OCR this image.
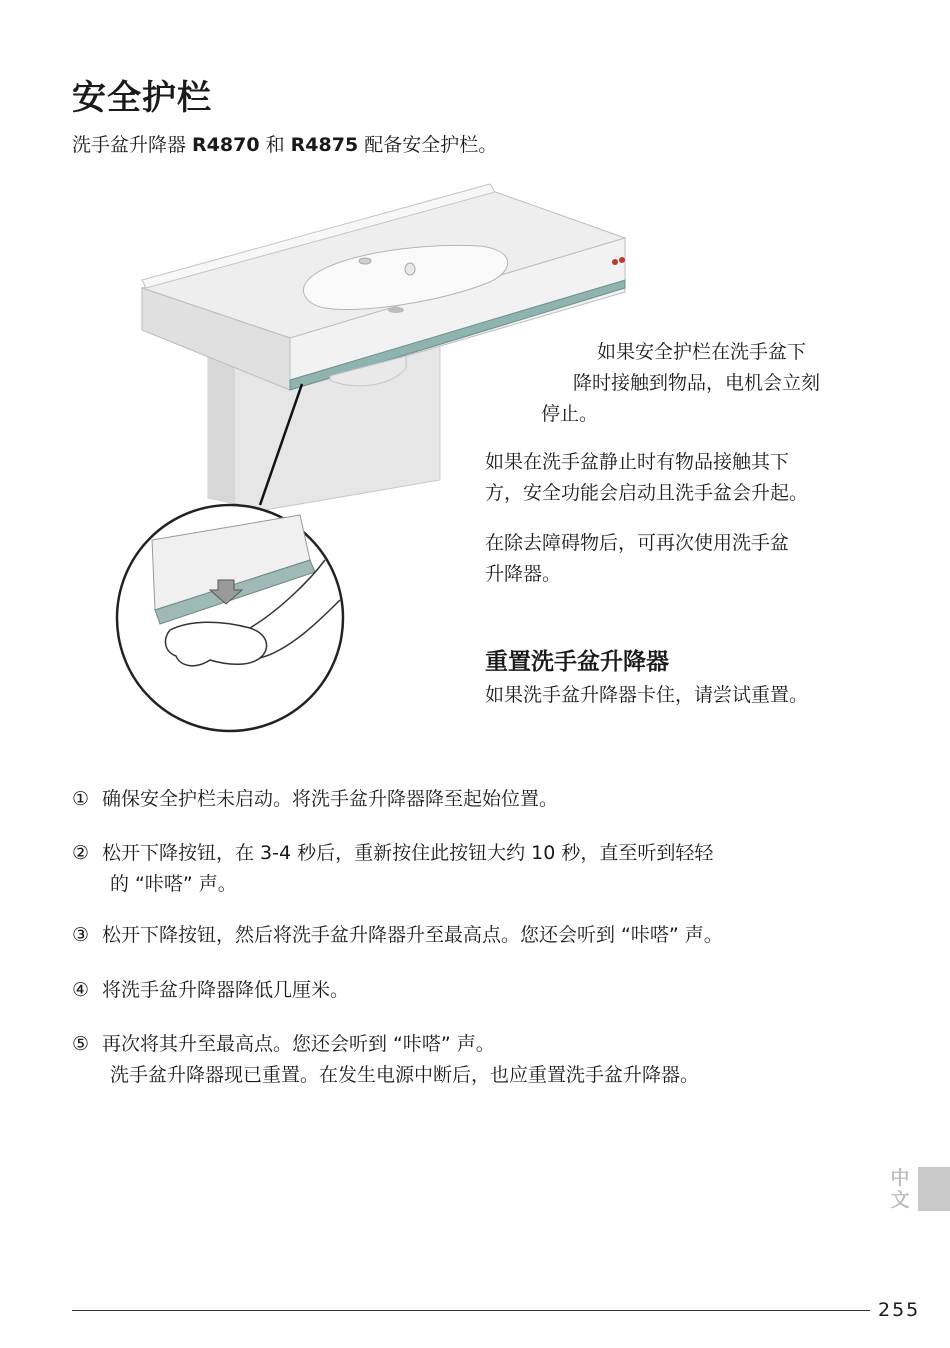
安全护栏
洗手盆升降器 R4870 和 R4875 配备安全护栏。
如果安全护栏在洗手盆下
降时接触到物品，电机会立刻
停止。
如果在洗手盆静止时有物品接触其下
方，安全功能会启动且洗手盆会升起。
在除去障碍物后，可再次使用洗手盆
升降器。
重置洗手盆升降器
如果洗手盆升降器卡住，请尝试重置。
① 确保安全护栏未启动。将洗手盆升降器降至起始位置。
② 松开下降按钮，在 3-4 秒后，重新按住此按钮大约 10 秒，直至听到轻轻
的 “咔嗒” 声。
③ 松开下降按钮，然后将洗手盆升降器升至最高点。您还会听到 “咔嗒” 声。
④ 将洗手盆升降器降低几厘米。
⑤ 再次将其升至最高点。您还会听到 “咔嗒” 声。
洗手盆升降器现已重置。在发生电源中断后，也应重置洗手盆升降器。
中
文
255
